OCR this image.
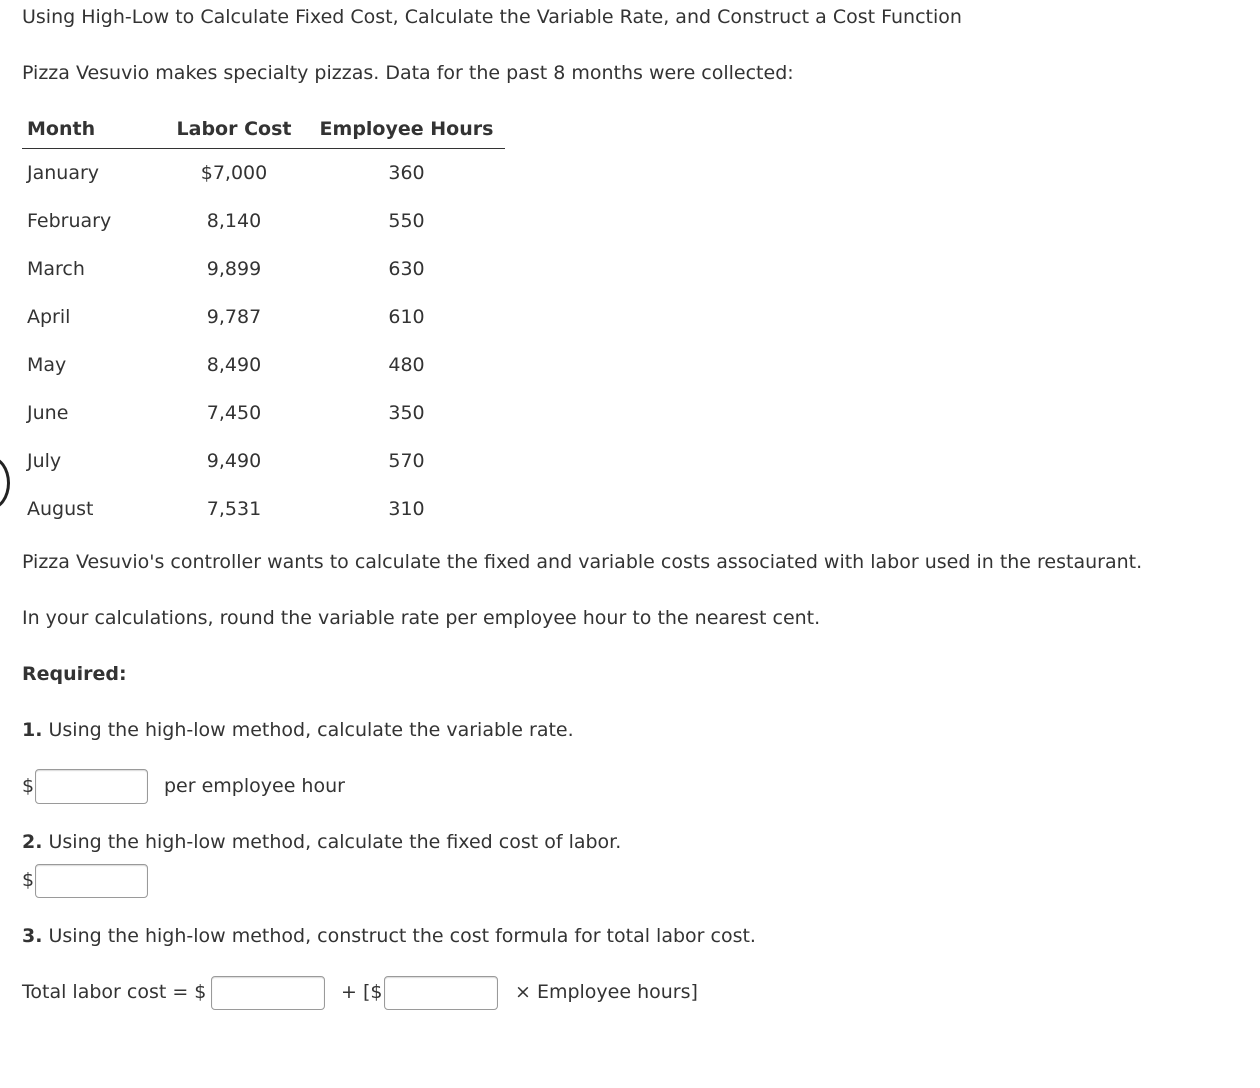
Using High-Low to Calculate Fixed Cost, Calculate the Variable Rate, and Construct a Cost Function
Pizza Vesuvio makes specialty pizzas. Data for the past 8 months were collected:
Month	Labor Cost	Employee Hours
January	$7,000	360
February	8,140	550
March	9,899	630
April	9,787	610
May	8,490	480
June	7,450	350
July	9,490	570
August	7,531	310
Pizza Vesuvio's controller wants to calculate the fixed and variable costs associated with labor used in the restaurant.
In your calculations, round the variable rate per employee hour to the nearest cent.
Required:
1. Using the high-low method, calculate the variable rate.
$	per employee hour
2. Using the high-low method, calculate the fixed cost of labor.
$
3. Using the high-low method, construct the cost formula for total labor cost.
Total labor cost = $	+ [$	× Employee hours]
